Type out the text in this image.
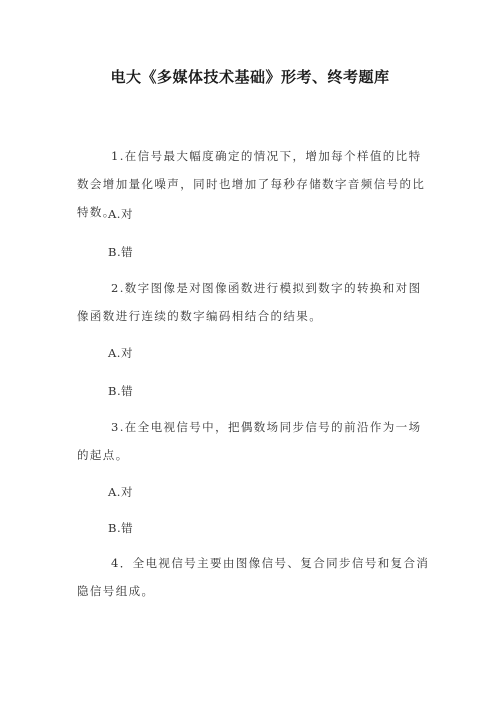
电大《多媒体技术基础》形考、终考题库
1.在信号最大幅度确定的情况下，增加每个样值的比特数会增加量化噪声，同时也增加了每秒存储数字音频信号的比特数。
A.对
B.错
2.数字图像是对图像函数进行模拟到数字的转换和对图像函数进行连续的数字编码相结合的结果。
A.对
B.错
3.在全电视信号中，把偶数场同步信号的前沿作为一场的起点。
A.对
B.错
4．全电视信号主要由图像信号、复合同步信号和复合消隐信号组成。
